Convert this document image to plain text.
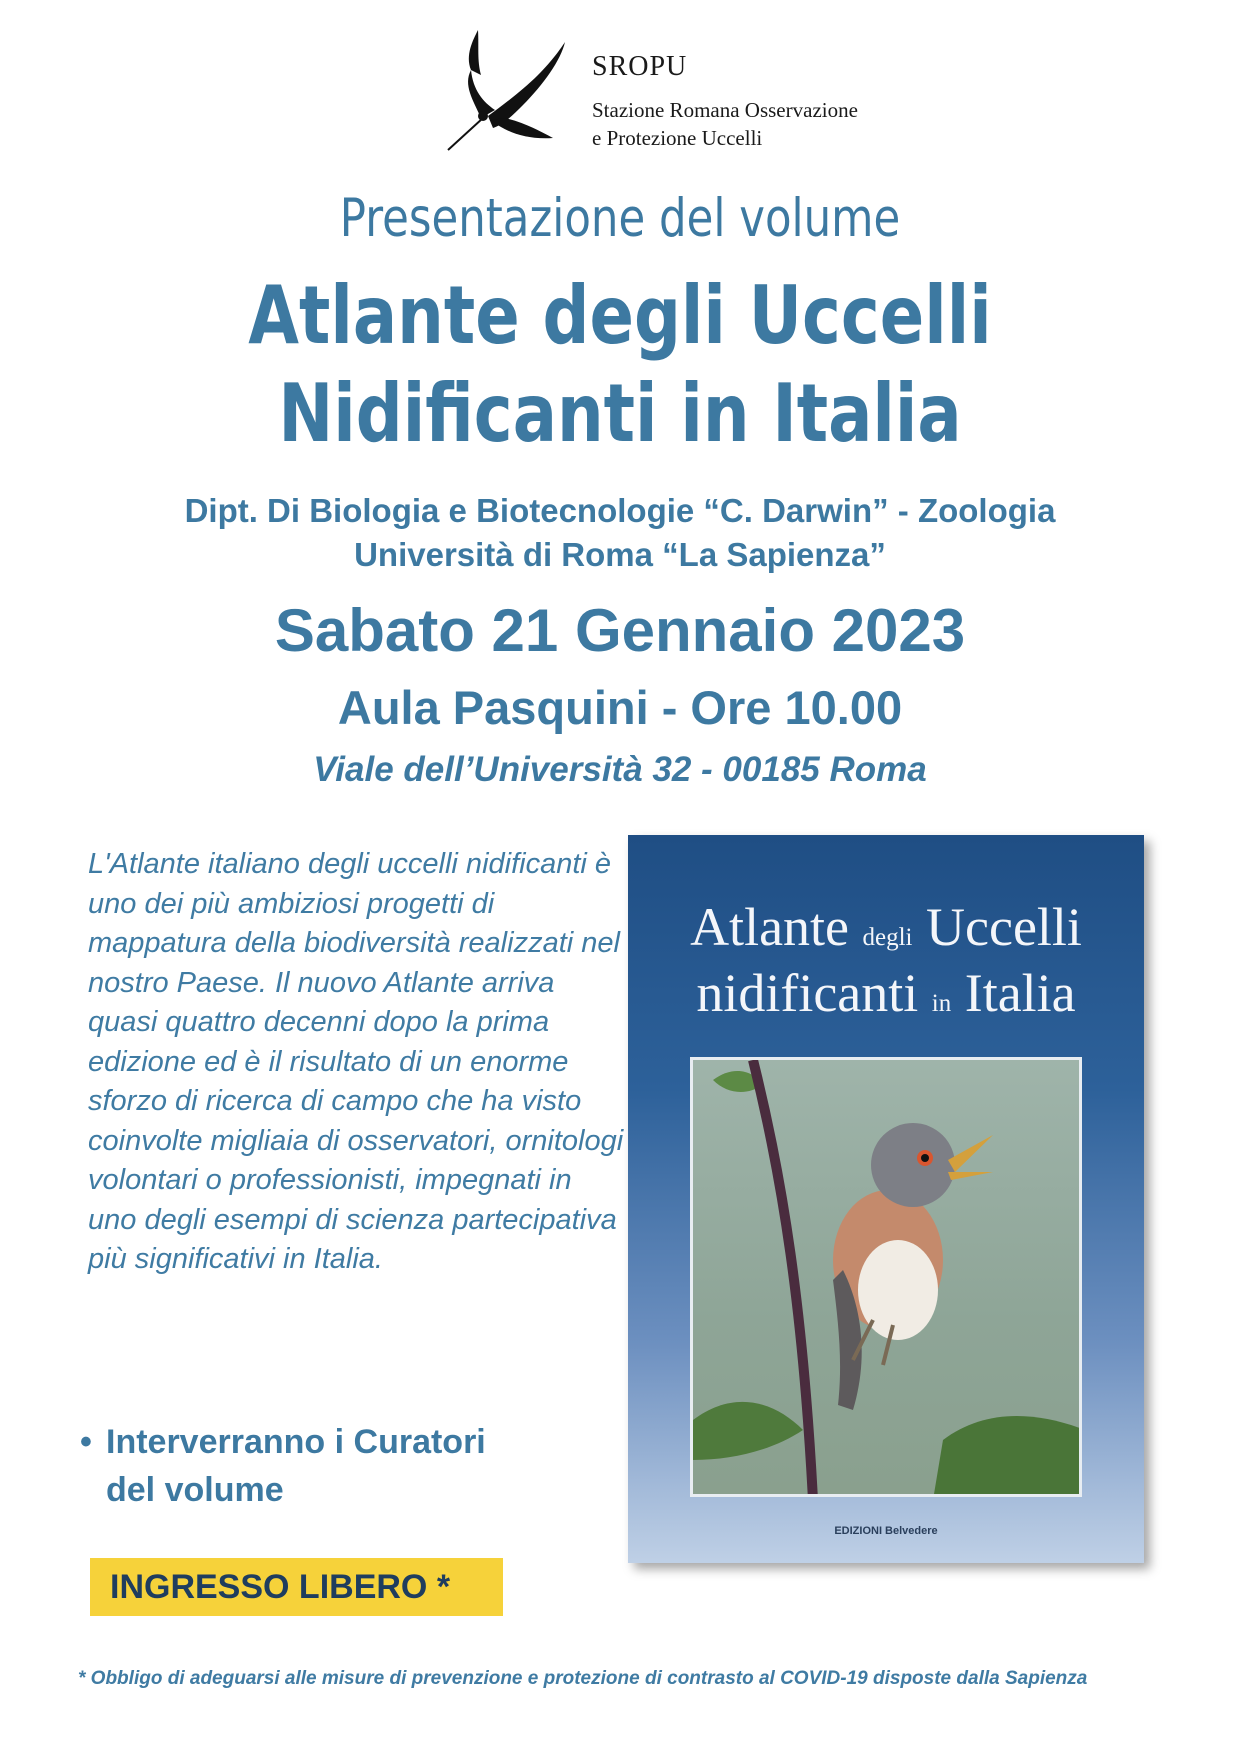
SROPU
Stazione Romana Osservazione
e Protezione Uccelli
Presentazione del volume
Atlante degli Uccelli
Nidificanti in Italia
Dipt. Di Biologia e Biotecnologie “C. Darwin” - Zoologia
Università di Roma “La Sapienza”
Sabato 21 Gennaio 2023
Aula Pasquini - Ore 10.00
Viale dell’Università 32 - 00185 Roma
L'Atlante italiano degli uccelli nidificanti è uno dei più ambiziosi progetti di mappatura della biodiversità realizzati nel nostro Paese. Il nuovo Atlante arriva quasi quattro decenni dopo la prima edizione ed è il risultato di un enorme sforzo di ricerca di campo che ha visto coinvolte migliaia di osservatori, ornitologi volontari o professionisti, impegnati in uno degli esempi di scienza partecipativa più significativi in Italia.
• Interverranno i Curatori
del volume
INGRESSO LIBERO *
* Obbligo di adeguarsi alle misure di prevenzione e protezione di contrasto al COVID-19 disposte dalla Sapienza
Atlante degli Uccelli
nidificanti in Italia
EDIZIONI Belvedere
